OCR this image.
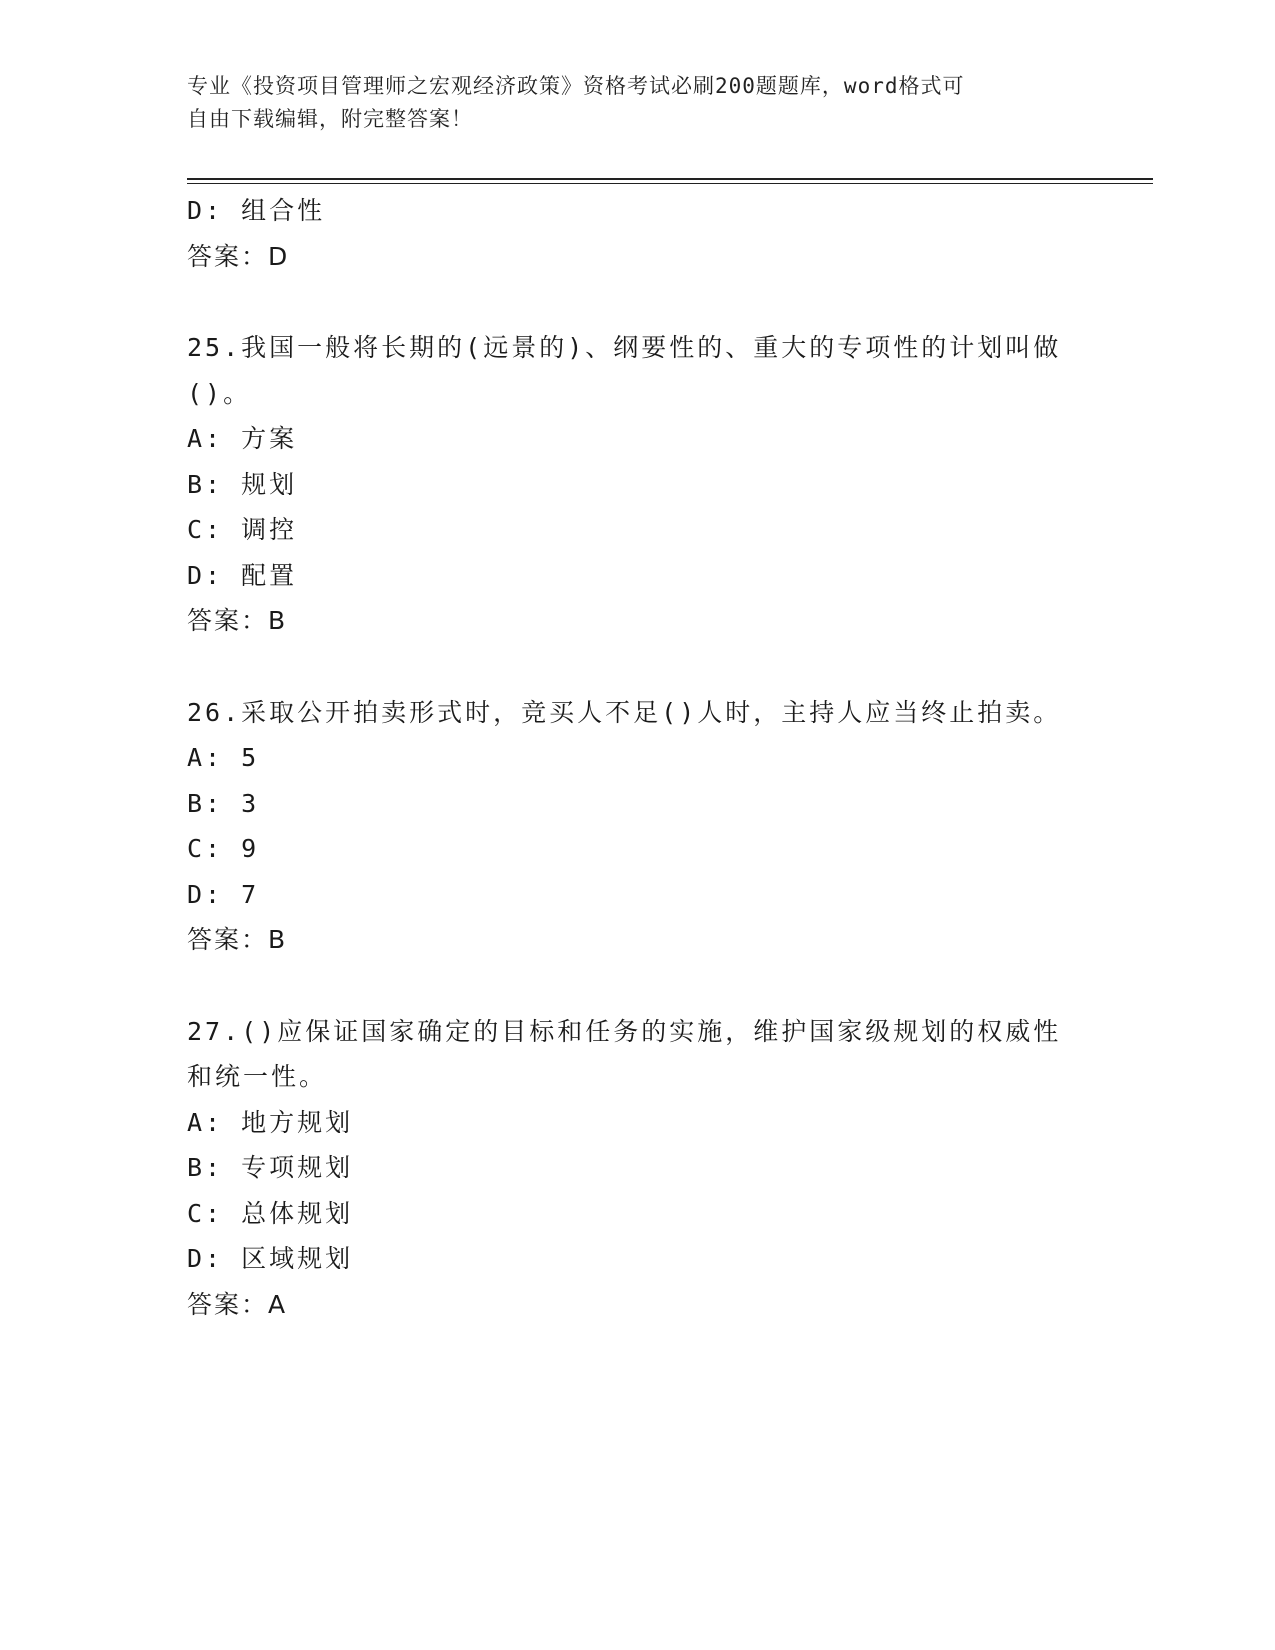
专业《投资项目管理师之宏观经济政策》资格考试必刷200题题库，word格式可
自由下载编辑，附完整答案！
D: 组合性
答案：D
25.我国一般将长期的(远景的)、纲要性的、重大的专项性的计划叫做
()。
A: 方案
B: 规划
C: 调控
D: 配置
答案：B
26.采取公开拍卖形式时，竞买人不足()人时，主持人应当终止拍卖。
A: 5
B: 3
C: 9
D: 7
答案：B
27.()应保证国家确定的目标和任务的实施，维护国家级规划的权威性
和统一性。
A: 地方规划
B: 专项规划
C: 总体规划
D: 区域规划
答案：A
